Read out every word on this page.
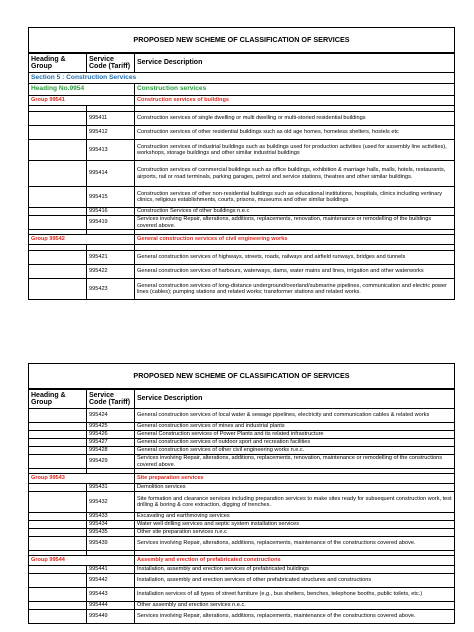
PROPOSED NEW SCHEME OF CLASSIFICATION OF SERVICES		
Heading & Group	Service Code (Tariff)	Service Description
Section 5 : Construction Services		
Heading No.9954		Construction services
Group 99541		Construction services of buildings

	995411	Construction services of single dwelling or multi dwelling or multi-storied residential buildings
	995412	Construction services of other residential buildings such as old age homes, homeless shelters, hostels etc
	995413	Construction services of industrial buildings such as buildings used for production activities (used for assembly line activities), workshops, storage buildings and other similar industrial buildings
	995414	Construction services of commercial buildings such as office buildings, exhibition & marriage halls, malls, hotels, restaurants, airports, rail or road terminals, parking garages, petrol and service stations, theatres and other similar buildings.
	995415	Construction services of other non-residential buildings such as educational institutions, hospitals, clinics including vertinary clinics, religious establishments, courts, prisons, museums and other similar buildings
	995416	Construction Services of other buildings n.e.c
	995419	Services involving Repair, alterations, additions, replacements, renovation, maintenance or remodelling of the buildings covered above.

Group 99542		General construction services of civil engineering works

	995421	General construction services of highways, streets, roads, railways and airfield runways, bridges and tunnels
	995422	General construction services of harbours, waterways, dams, water mains and lines, irrigation and other waterworks
	995423	General construction services of long-distance underground/overland/submarine pipelines, communication and electric power lines (cables); pumping stations and related works; transformer stations and related works.
PROPOSED NEW SCHEME OF CLASSIFICATION OF SERVICES		
Heading & Group	Service Code (Tariff)	Service Description
	995424	General construction services of local water & sewage pipelines, electricity and communication cables & related works
	995425	General construction services of mines and industrial plants
	995426	General Construction services of Power Plants and its related infrastructure
	995427	General construction services of outdoor sport and recreation facilities
	995428	General construction services of other civil engineering works n.e.c.
	995429	Services involving Repair, alterations, additions, replacements, renovation, maintenance or remodelling of the constructions covered above.

Group 99543		Site preparation services
	995431	Demolition services
	995432	Site formation and clearance services including preparation services to make sites ready for subsequent construction work, test drilling & boring & core extraction, digging of trenches.
	995433	Excavating and earthmoving services
	995434	Water well drilling services and septic system installation services
	995435	Other site preparation services n.e.c
	995439	Services involving Repair, alterations, additions, replacements, maintenance of the constructions covered above.

Group 99544		Assembly and erection of prefabricated constructions
	995441	Installation, assembly and erection services of prefabricated buildings
	995442	Installation, assembly and erection services of other prefabricated structures and constructions
	995443	Installation services of all types of street furniture (e.g., bus shelters, benches, telephone booths, public toilets, etc.)
	995444	Other assembly and erection services n.e.c.
	995449	Services involving Repair, alterations, additions, replacements, maintenance of the constructions covered above.
